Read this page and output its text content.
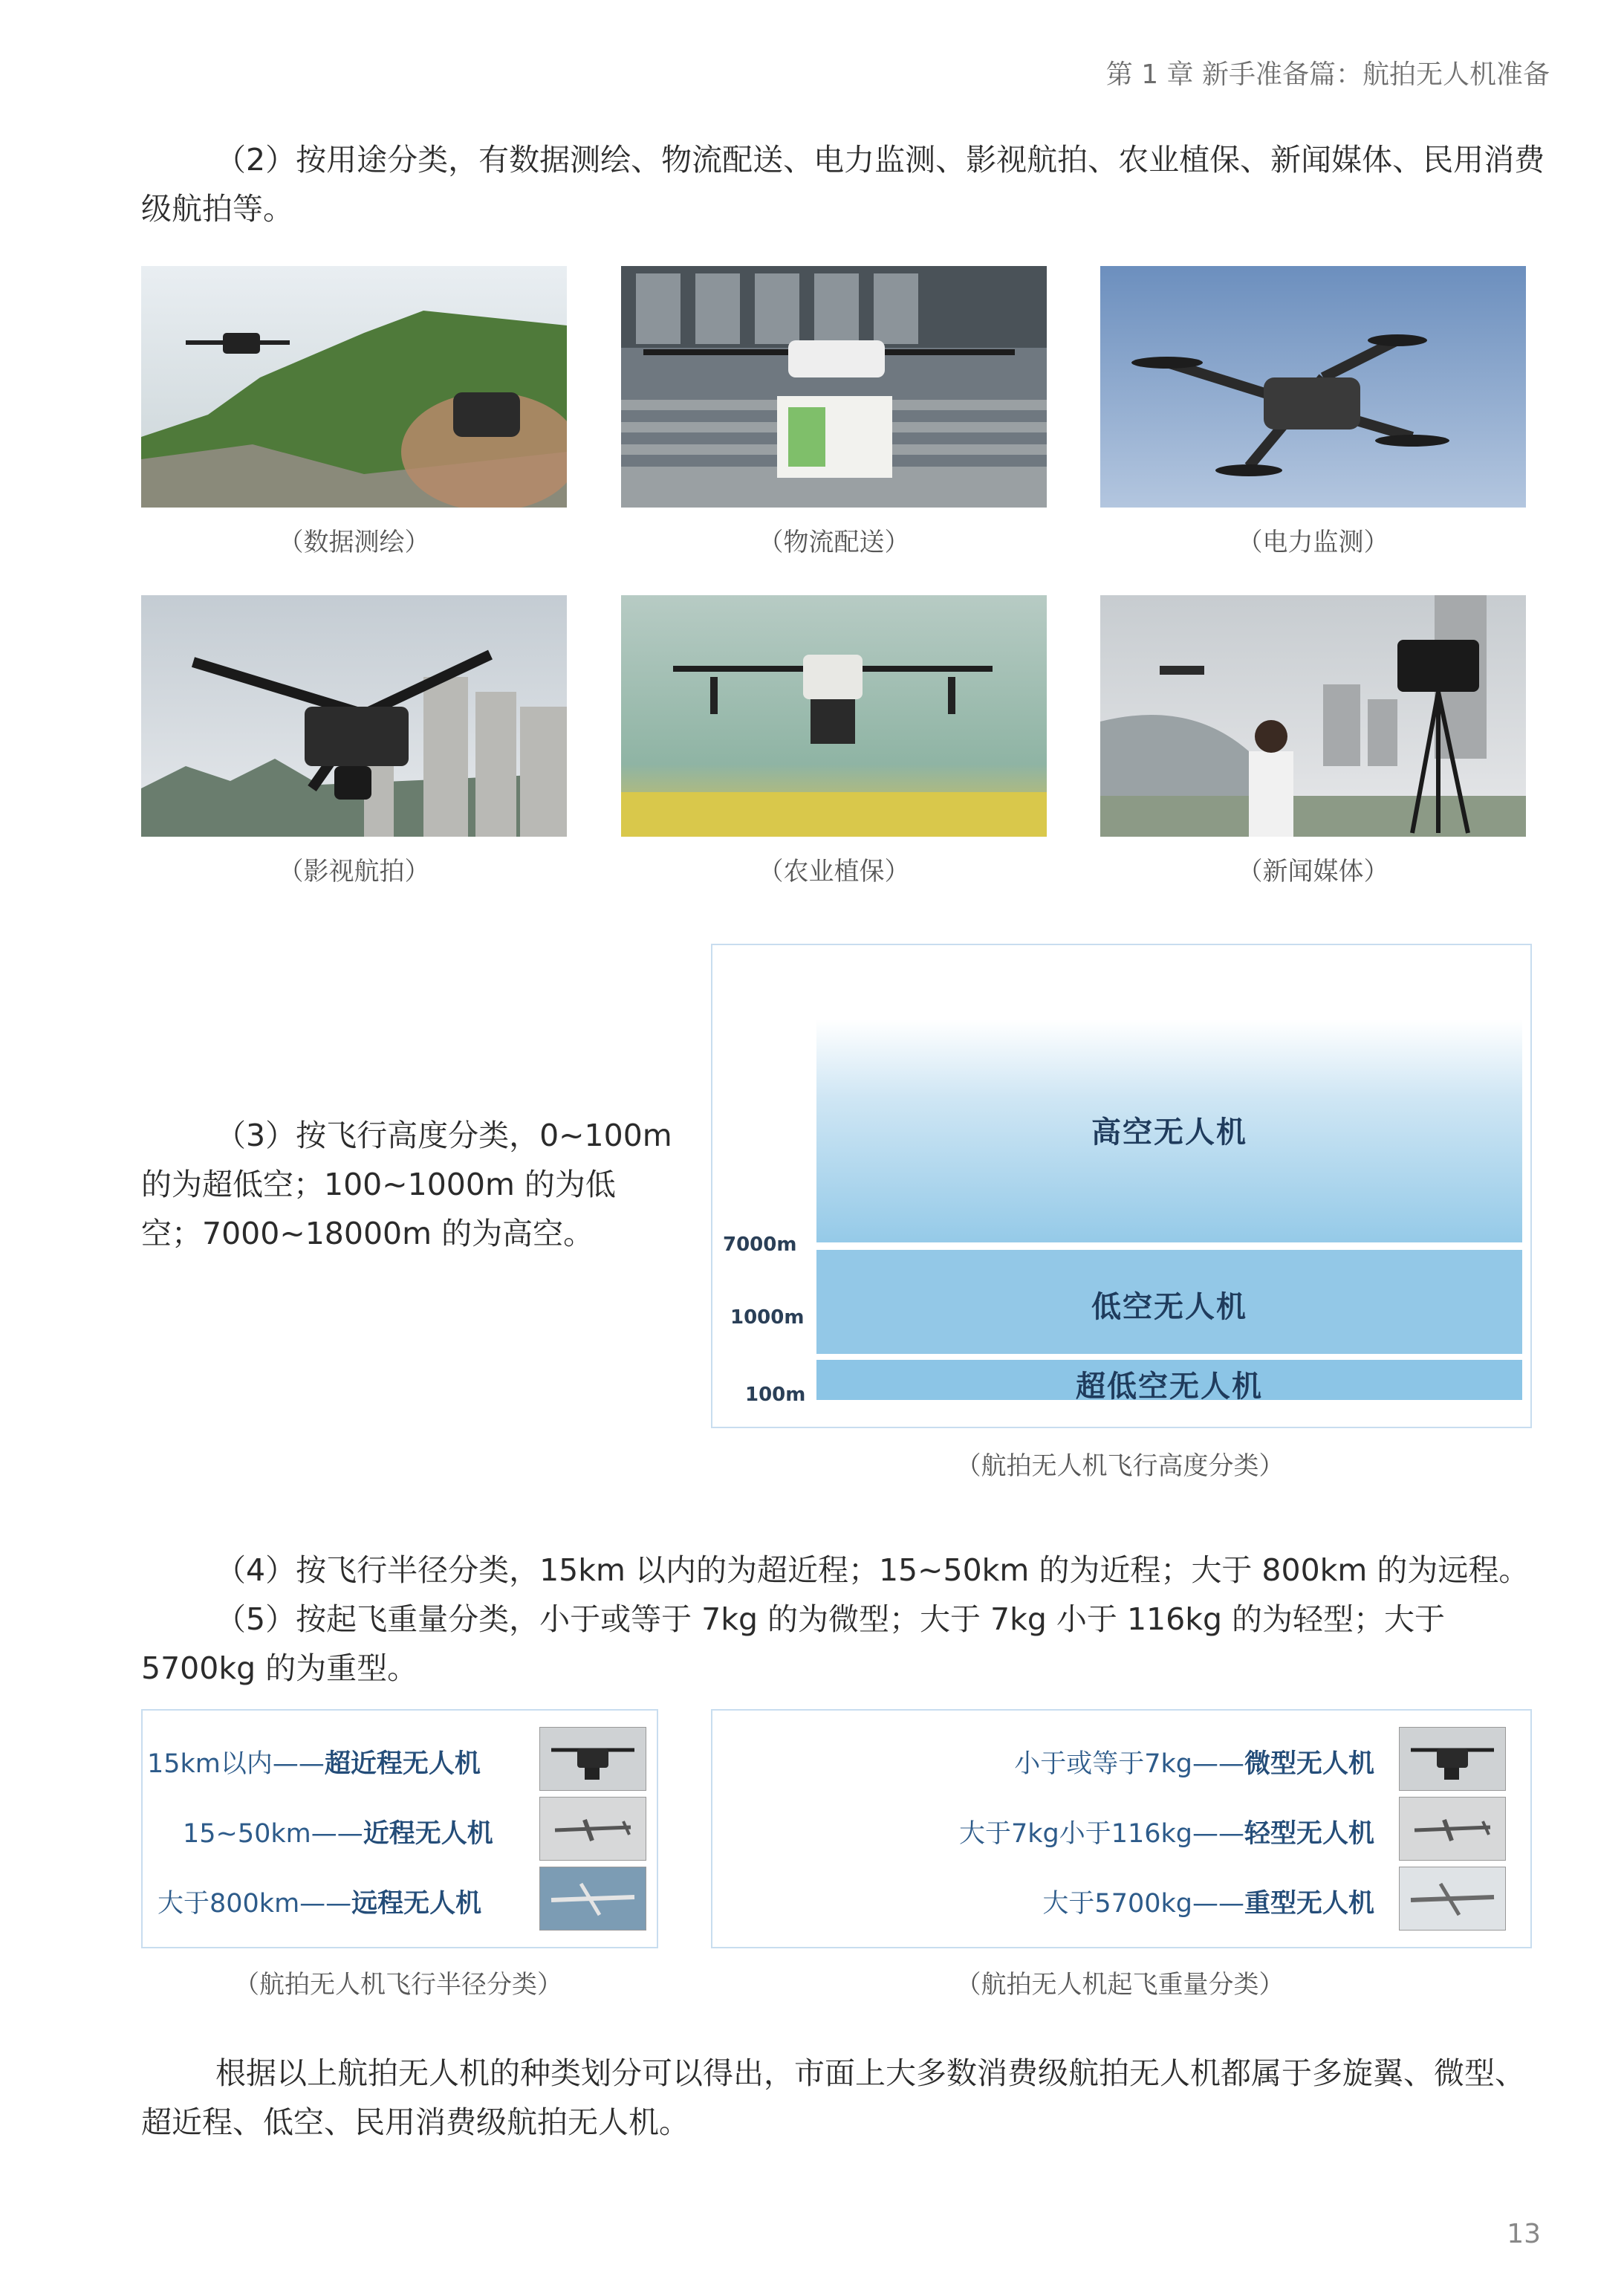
第 1 章 新手准备篇：航拍无人机准备
（2）按用途分类，有数据测绘、物流配送、电力监测、影视航拍、农业植保、新闻媒体、民用消费级航拍等。
（数据测绘）	（物流配送）	（电力监测）
（影视航拍）	（农业植保）	（新闻媒体）
（3）按飞行高度分类，0~100m 的为超低空；100~1000m 的为低空；7000~18000m 的为高空。
高空无人机
低空无人机
超低空无人机
7000m
1000m
100m
（航拍无人机飞行高度分类）
（4）按飞行半径分类，15km 以内的为超近程；15~50km 的为近程；大于 800km 的为远程。
（5）按起飞重量分类，小于或等于 7kg 的为微型；大于 7kg 小于 116kg 的为轻型；大于 5700kg 的为重型。
15km以内——超近程无人机
15~50km——近程无人机
大于800km——远程无人机
（航拍无人机飞行半径分类）
小于或等于7kg——微型无人机
大于7kg小于116kg——轻型无人机
大于5700kg——重型无人机
（航拍无人机起飞重量分类）
根据以上航拍无人机的种类划分可以得出，市面上大多数消费级航拍无人机都属于多旋翼、微型、超近程、低空、民用消费级航拍无人机。
13
